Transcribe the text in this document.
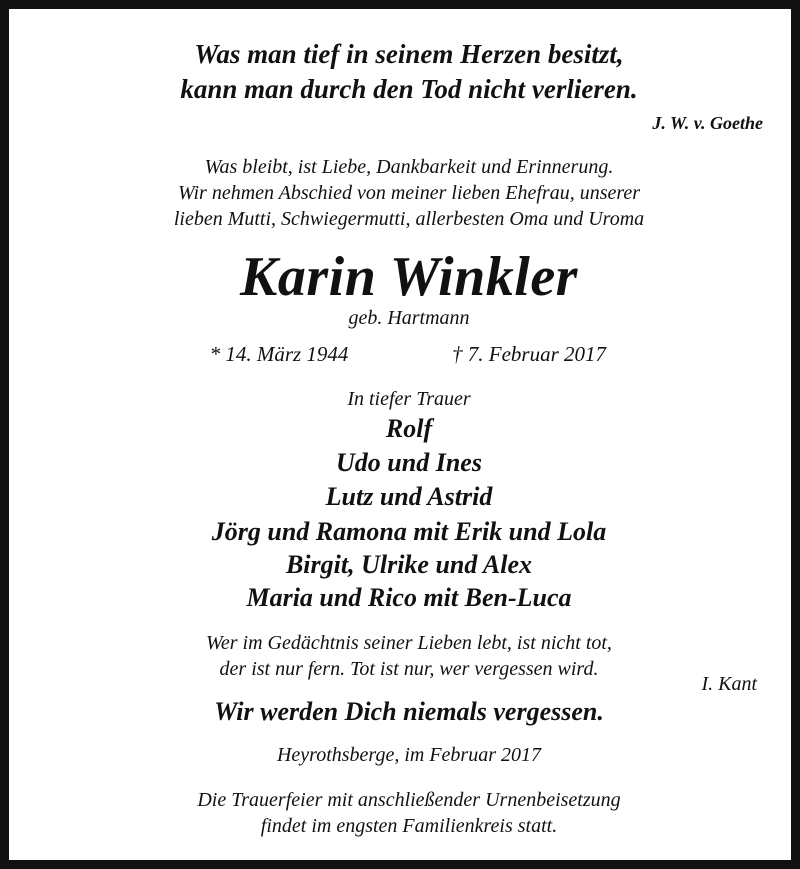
Was man tief in seinem Herzen besitzt,

kann man durch den Tod nicht verlieren.

J. W. v. Goethe

Was bleibt, ist Liebe, Dankbarkeit und Erinnerung.

Wir nehmen Abschied von meiner lieben Ehefrau, unserer

lieben Mutti, Schwiegermutti, allerbesten Oma und Uroma

Karin Winkler

geb. Hartmann

* 14. März 1944	† 7. Februar 2017

In tiefer Trauer

Rolf

Udo und Ines

Lutz und Astrid

Jörg und Ramona mit Erik und Lola

Birgit, Ulrike und Alex

Maria und Rico mit Ben-Luca

Wer im Gedächtnis seiner Lieben lebt, ist nicht tot,

der ist nur fern. Tot ist nur, wer vergessen wird.

I. Kant

Wir werden Dich niemals vergessen.

Heyrothsberge, im Februar 2017

Die Trauerfeier mit anschließender Urnenbeisetzung

findet im engsten Familienkreis statt.
